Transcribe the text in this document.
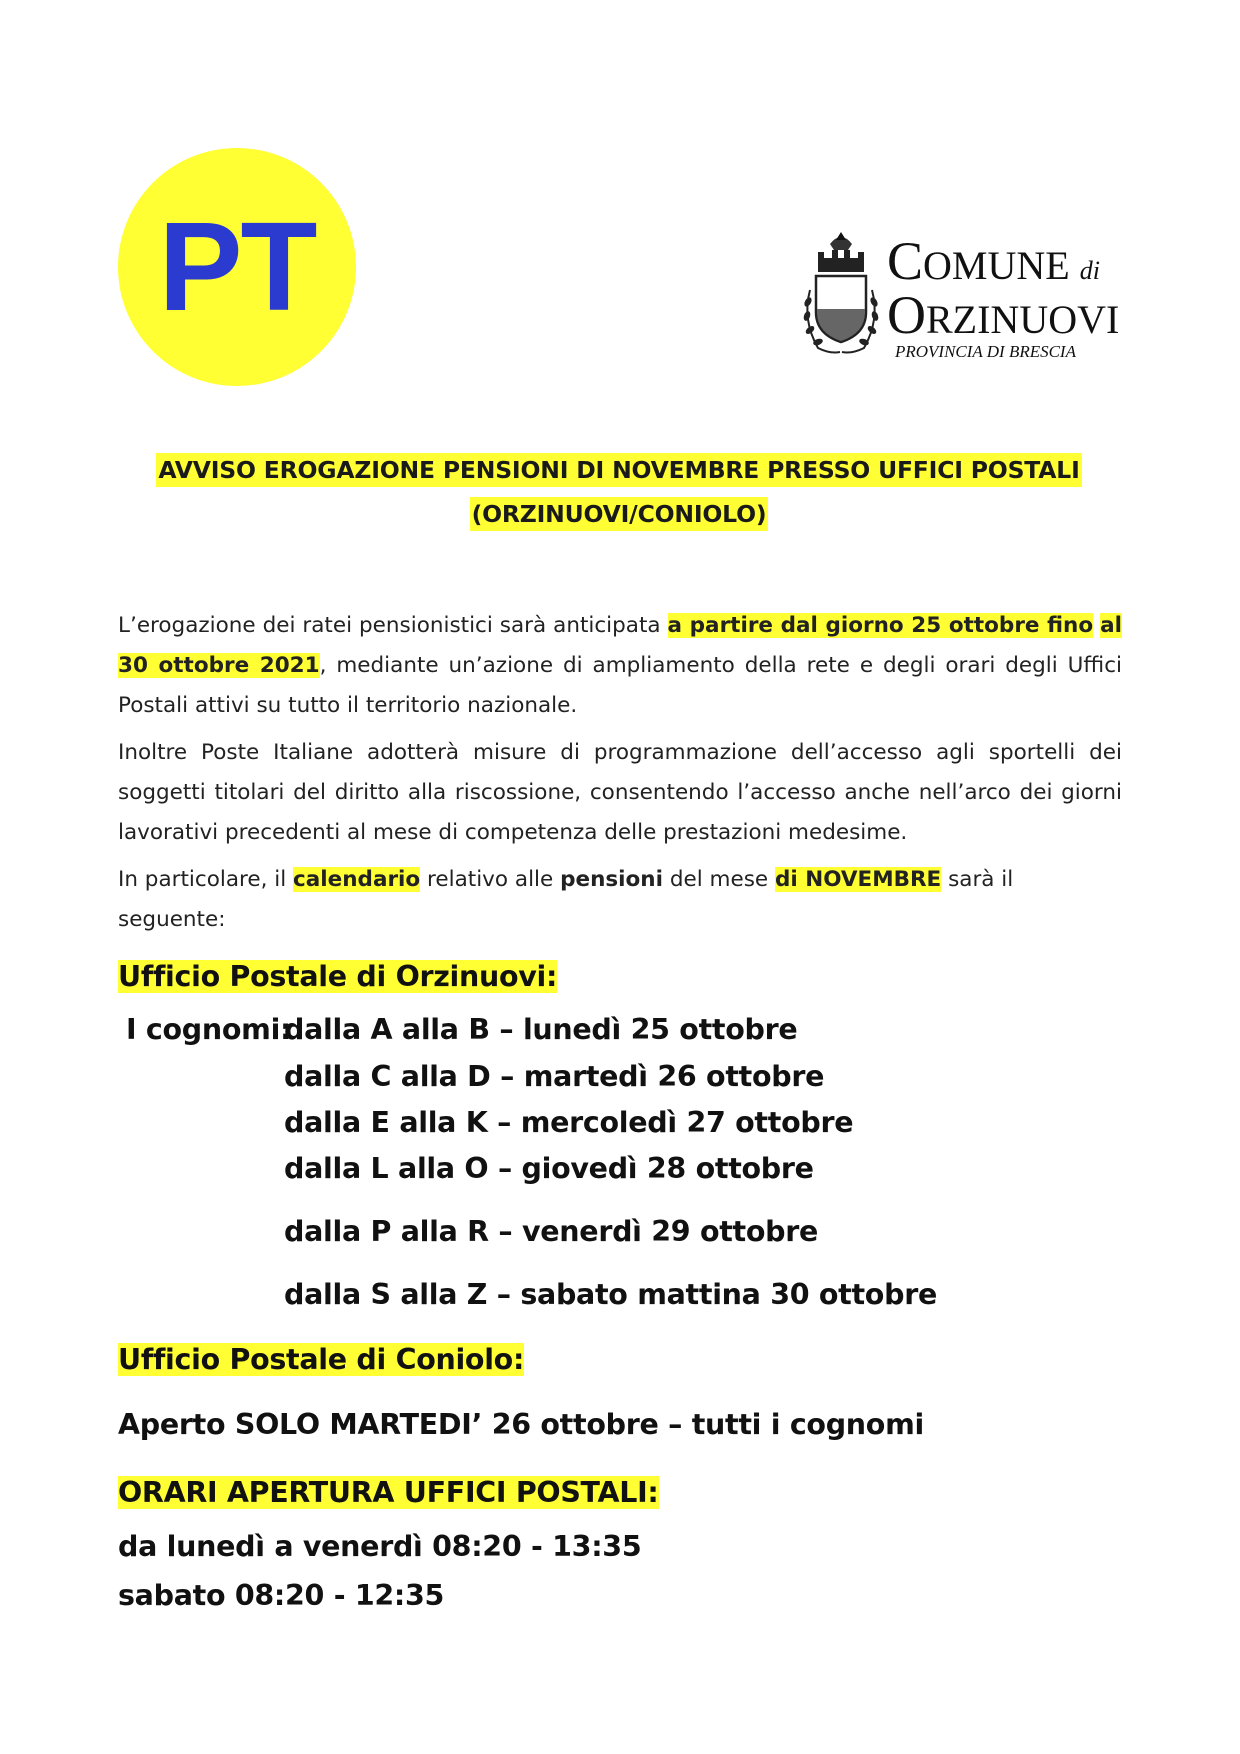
PT	COMUNE di
ORZINUOVI
PROVINCIA DI BRESCIA
AVVISO EROGAZIONE PENSIONI DI NOVEMBRE PRESSO UFFICI POSTALI
(ORZINUOVI/CONIOLO)
L’erogazione dei ratei pensionistici sarà anticipata a partire dal giorno 25 ottobre fino al 30 ottobre 2021, mediante un’azione di ampliamento della rete e degli orari degli Uffici Postali attivi su tutto il territorio nazionale.
Inoltre Poste Italiane adotterà misure di programmazione dell’accesso agli sportelli dei soggetti titolari del diritto alla riscossione, consentendo l’accesso anche nell’arco dei giorni lavorativi precedenti al mese di competenza delle prestazioni medesime.
In particolare, il calendario relativo alle pensioni del mese di NOVEMBRE sarà il seguente:
Ufficio Postale di Orzinuovi:
I cognomi:
dalla A alla B – lunedì 25 ottobre
dalla C alla D – martedì 26 ottobre
dalla E alla K – mercoledì 27 ottobre
dalla L alla O – giovedì 28 ottobre
dalla P alla R – venerdì 29 ottobre
dalla S alla Z – sabato mattina 30 ottobre
Ufficio Postale di Coniolo:
Aperto SOLO MARTEDI’ 26 ottobre – tutti i cognomi
ORARI APERTURA UFFICI POSTALI:
da lunedì a venerdì 08:20 - 13:35
sabato 08:20 - 12:35
